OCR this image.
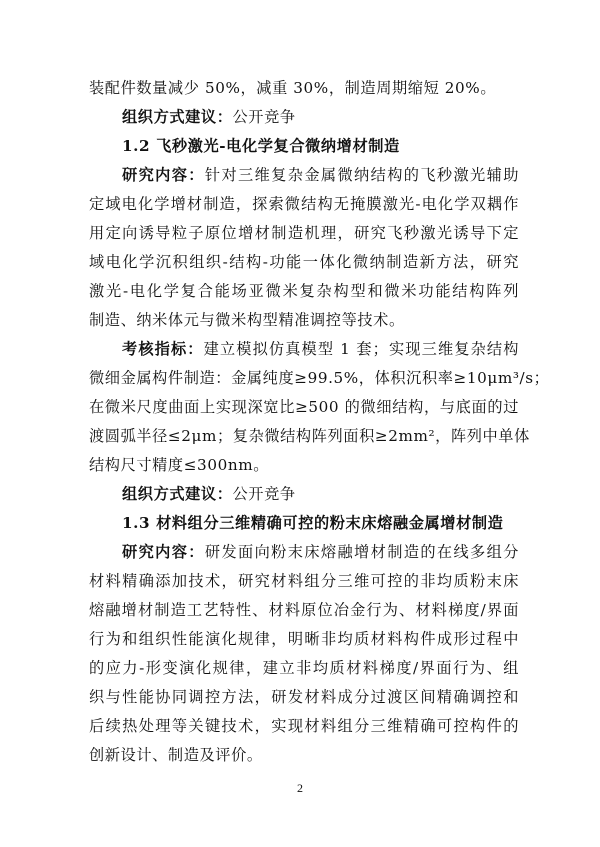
装配件数量减少 50%，减重 30%，制造周期缩短 20%。
组织方式建议：公开竞争
1.2 飞秒激光-电化学复合微纳增材制造
研究内容：针对三维复杂金属微纳结构的飞秒激光辅助
定域电化学增材制造，探索微结构无掩膜激光-电化学双耦作
用定向诱导粒子原位增材制造机理，研究飞秒激光诱导下定
域电化学沉积组织-结构-功能一体化微纳制造新方法，研究
激光-电化学复合能场亚微米复杂构型和微米功能结构阵列
制造、纳米体元与微米构型精准调控等技术。
考核指标：建立模拟仿真模型 1 套；实现三维复杂结构
微细金属构件制造：金属纯度≥99.5%，体积沉积率≥10μm³/s；
在微米尺度曲面上实现深宽比≥500 的微细结构，与底面的过
渡圆弧半径≤2μm；复杂微结构阵列面积≥2mm²，阵列中单体
结构尺寸精度≤300nm。
组织方式建议：公开竞争
1.3 材料组分三维精确可控的粉末床熔融金属增材制造
研究内容：研发面向粉末床熔融增材制造的在线多组分
材料精确添加技术，研究材料组分三维可控的非均质粉末床
熔融增材制造工艺特性、材料原位冶金行为、材料梯度/界面
行为和组织性能演化规律，明晰非均质材料构件成形过程中
的应力-形变演化规律，建立非均质材料梯度/界面行为、组
织与性能协同调控方法，研发材料成分过渡区间精确调控和
后续热处理等关键技术，实现材料组分三维精确可控构件的
创新设计、制造及评价。
2
